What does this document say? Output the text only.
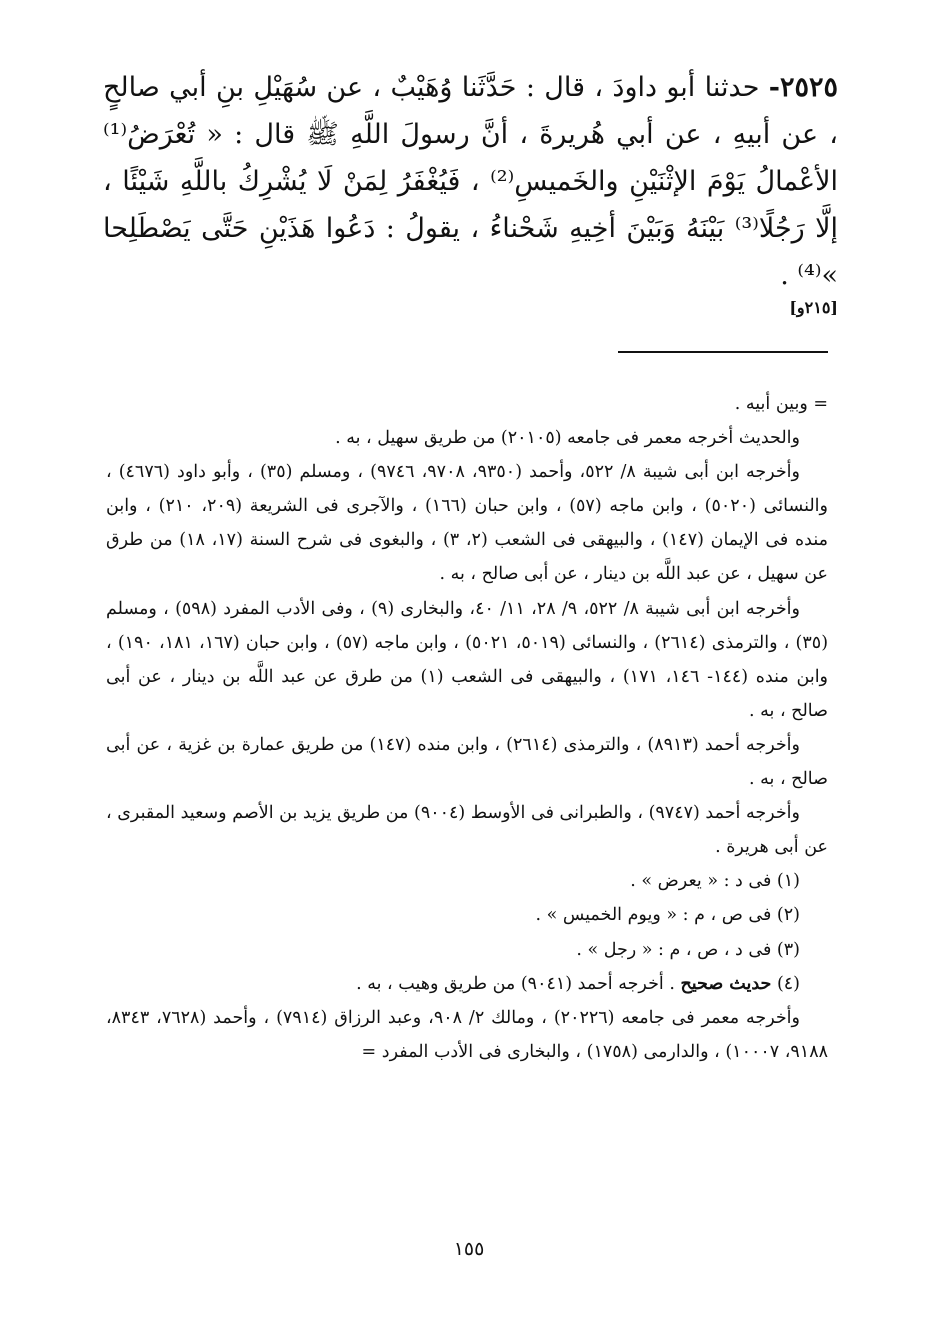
٢٥٢٥- حدثنا أبو داودَ ، قال : حَدَّثَنا وُهَيْبٌ ، عن سُهَيْلِ بنِ أبي صالحٍ ، عن أبيهِ ، عن أبي هُريرةَ ، أنَّ رسولَ اللَّهِ ﷺ قال : « تُعْرَضُ⁽¹⁾ الأعْمالُ يَوْمَ الإثْنَيْنِ والخَميسِ⁽²⁾ ، فَيُغْفَرُ لِمَنْ لَا يُشْرِكُ باللَّهِ شَيْئًا ، إلَّا رَجُلًا⁽³⁾ بَيْنَهُ وَبَيْنَ أخِيهِ شَحْناءُ ، يقولُ : دَعُوا هَذَيْنِ حَتَّى يَصْطَلِحا »⁽⁴⁾ .

[٢١٥و]

= وبين أبيه .

والحديث أخرجه معمر فى جامعه (٢٠١٠٥) من طريق سهيل ، به .

وأخرجه ابن أبى شيبة ٨/ ٥٢٢، وأحمد (٩٣٥٠، ٩٧٠٨، ٩٧٤٦) ، ومسلم (٣٥) ، وأبو داود (٤٦٧٦) ، والنسائى (٥٠٢٠) ، وابن ماجه (٥٧) ، وابن حبان (١٦٦) ، والآجرى فى الشريعة (٢٠٩، ٢١٠) ، وابن منده فى الإيمان (١٤٧) ، والبيهقى فى الشعب (٢، ٣) ، والبغوى فى شرح السنة (١٧، ١٨) من طرق عن سهيل ، عن عبد اللَّه بن دينار ، عن أبى صالح ، به .

وأخرجه ابن أبى شيبة ٨/ ٥٢٢، ٩/ ٢٨، ١١/ ٤٠، والبخارى (٩) ، وفى الأدب المفرد (٥٩٨) ، ومسلم (٣٥) ، والترمذى (٢٦١٤) ، والنسائى (٥٠١٩، ٥٠٢١) ، وابن ماجه (٥٧) ، وابن حبان (١٦٧، ١٨١، ١٩٠) ، وابن منده (١٤٤- ١٤٦، ١٧١) ، والبيهقى فى الشعب (١) من طرق عن عبد اللَّه بن دينار ، عن أبى صالح ، به .

وأخرجه أحمد (٨٩١٣) ، والترمذى (٢٦١٤) ، وابن منده (١٤٧) من طريق عمارة بن غزية ، عن أبى صالح ، به .

وأخرجه أحمد (٩٧٤٧) ، والطبرانى فى الأوسط (٩٠٠٤) من طريق يزيد بن الأصم وسعيد المقبرى ، عن أبى هريرة .

(١) فى د : « يعرض » .

(٢) فى ص ، م : « ويوم الخميس » .

(٣) فى د ، ص ، م : « رجل » .

(٤) حديث صحيح . أخرجه أحمد (٩٠٤١) من طريق وهيب ، به .

وأخرجه معمر فى جامعه (٢٠٢٢٦) ، ومالك ٢/ ٩٠٨، وعبد الرزاق (٧٩١٤) ، وأحمد (٧٦٢٨، ٨٣٤٣، ٩١٨٨، ١٠٠٠٧) ، والدارمى (١٧٥٨) ، والبخارى فى الأدب المفرد =

١٥٥
